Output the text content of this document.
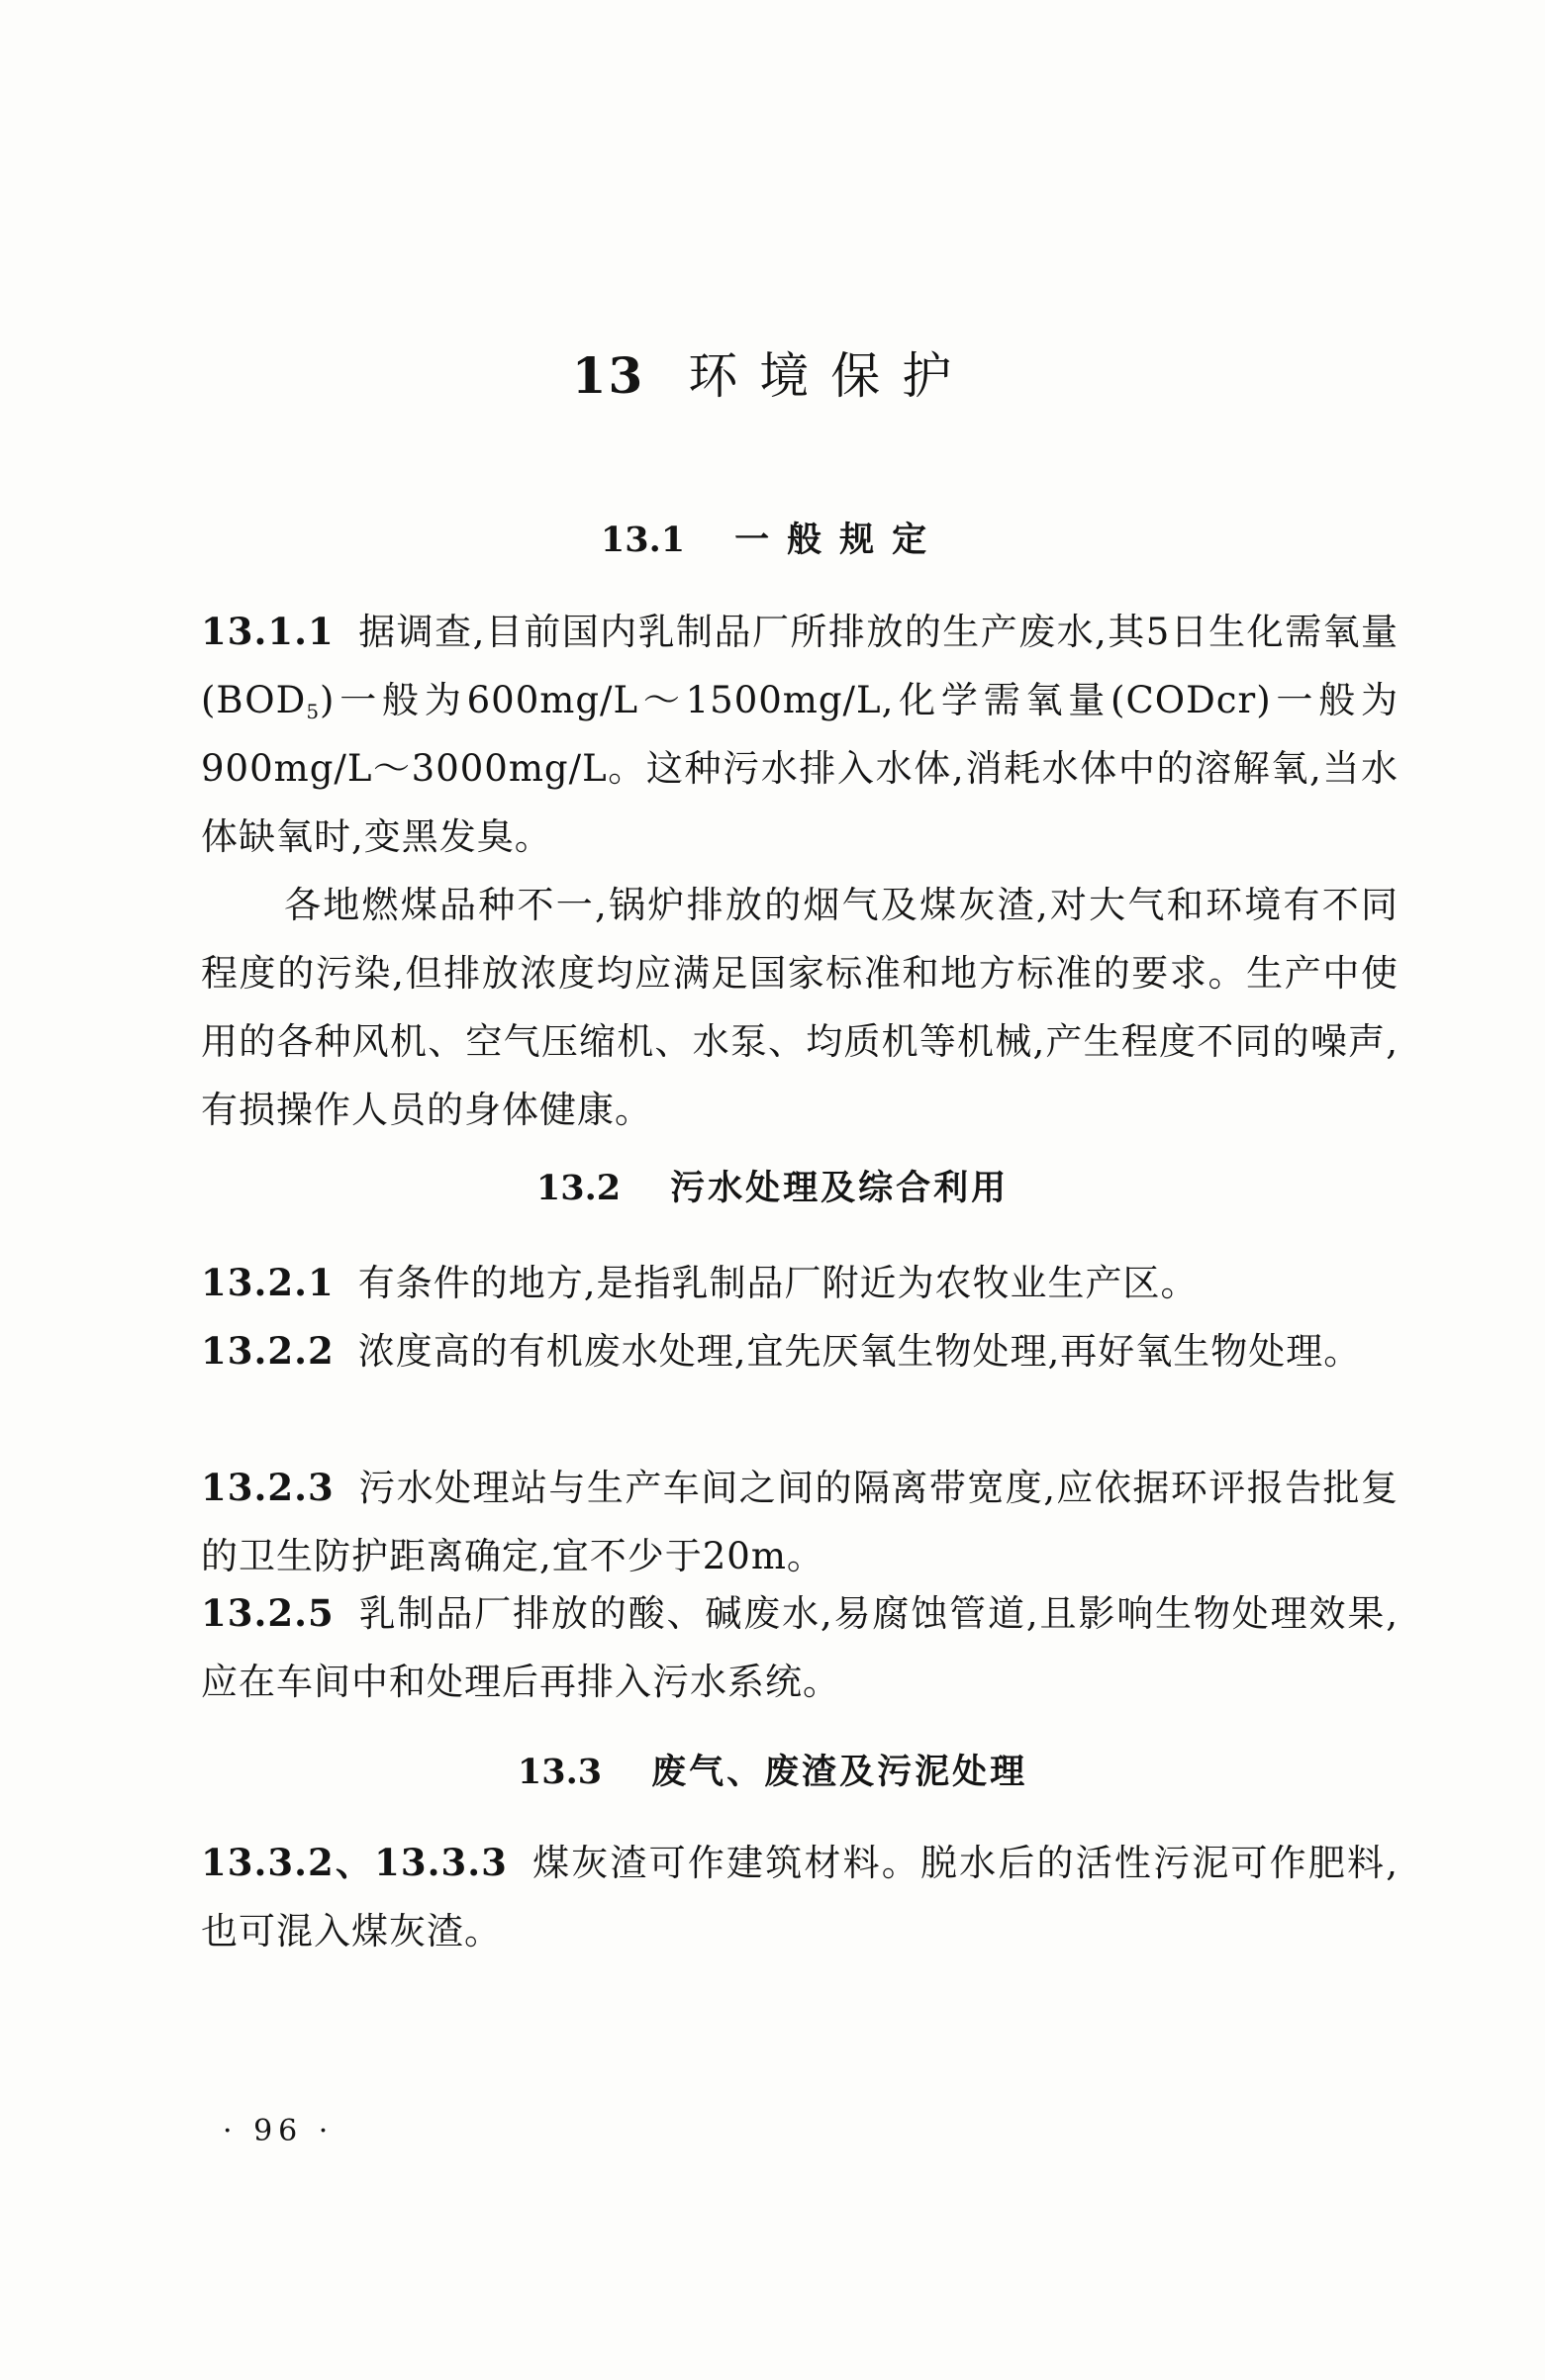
13 环境保护
13.1 一般规定

13.1.1 据调查,目前国内乳制品厂所排放的生产废水,其5日生化需氧量$(BOD_5)$一般为600mg/L～1500mg/L,化学需氧量(CODcr)一般为900mg/L～3000mg/L。这种污水排入水体,消耗水体中的溶解氧,当水体缺氧时,变黑发臭。

各地燃煤品种不一,锅炉排放的烟气及煤灰渣,对大气和环境有不同程度的污染,但排放浓度均应满足国家标准和地方标准的要求。生产中使用的各种风机、空气压缩机、水泵、均质机等机械,产生程度不同的噪声,有损操作人员的身体健康。

13.2 污水处理及综合利用

13.2.1 有条件的地方,是指乳制品厂附近为农牧业生产区。

13.2.2 浓度高的有机废水处理,宜先厌氧生物处理,再好氧生物处理。

13.2.3 污水处理站与生产车间之间的隔离带宽度,应依据环评报告批复的卫生防护距离确定,宜不少于20m。

13.2.5 乳制品厂排放的酸、碱废水,易腐蚀管道,且影响生物处理效果,应在车间中和处理后再排入污水系统。

13.3 废气、废渣及污泥处理

13.3.2、13.3.3 煤灰渣可作建筑材料。脱水后的活性污泥可作肥料,也可混入煤灰渣。

· 96 ·
